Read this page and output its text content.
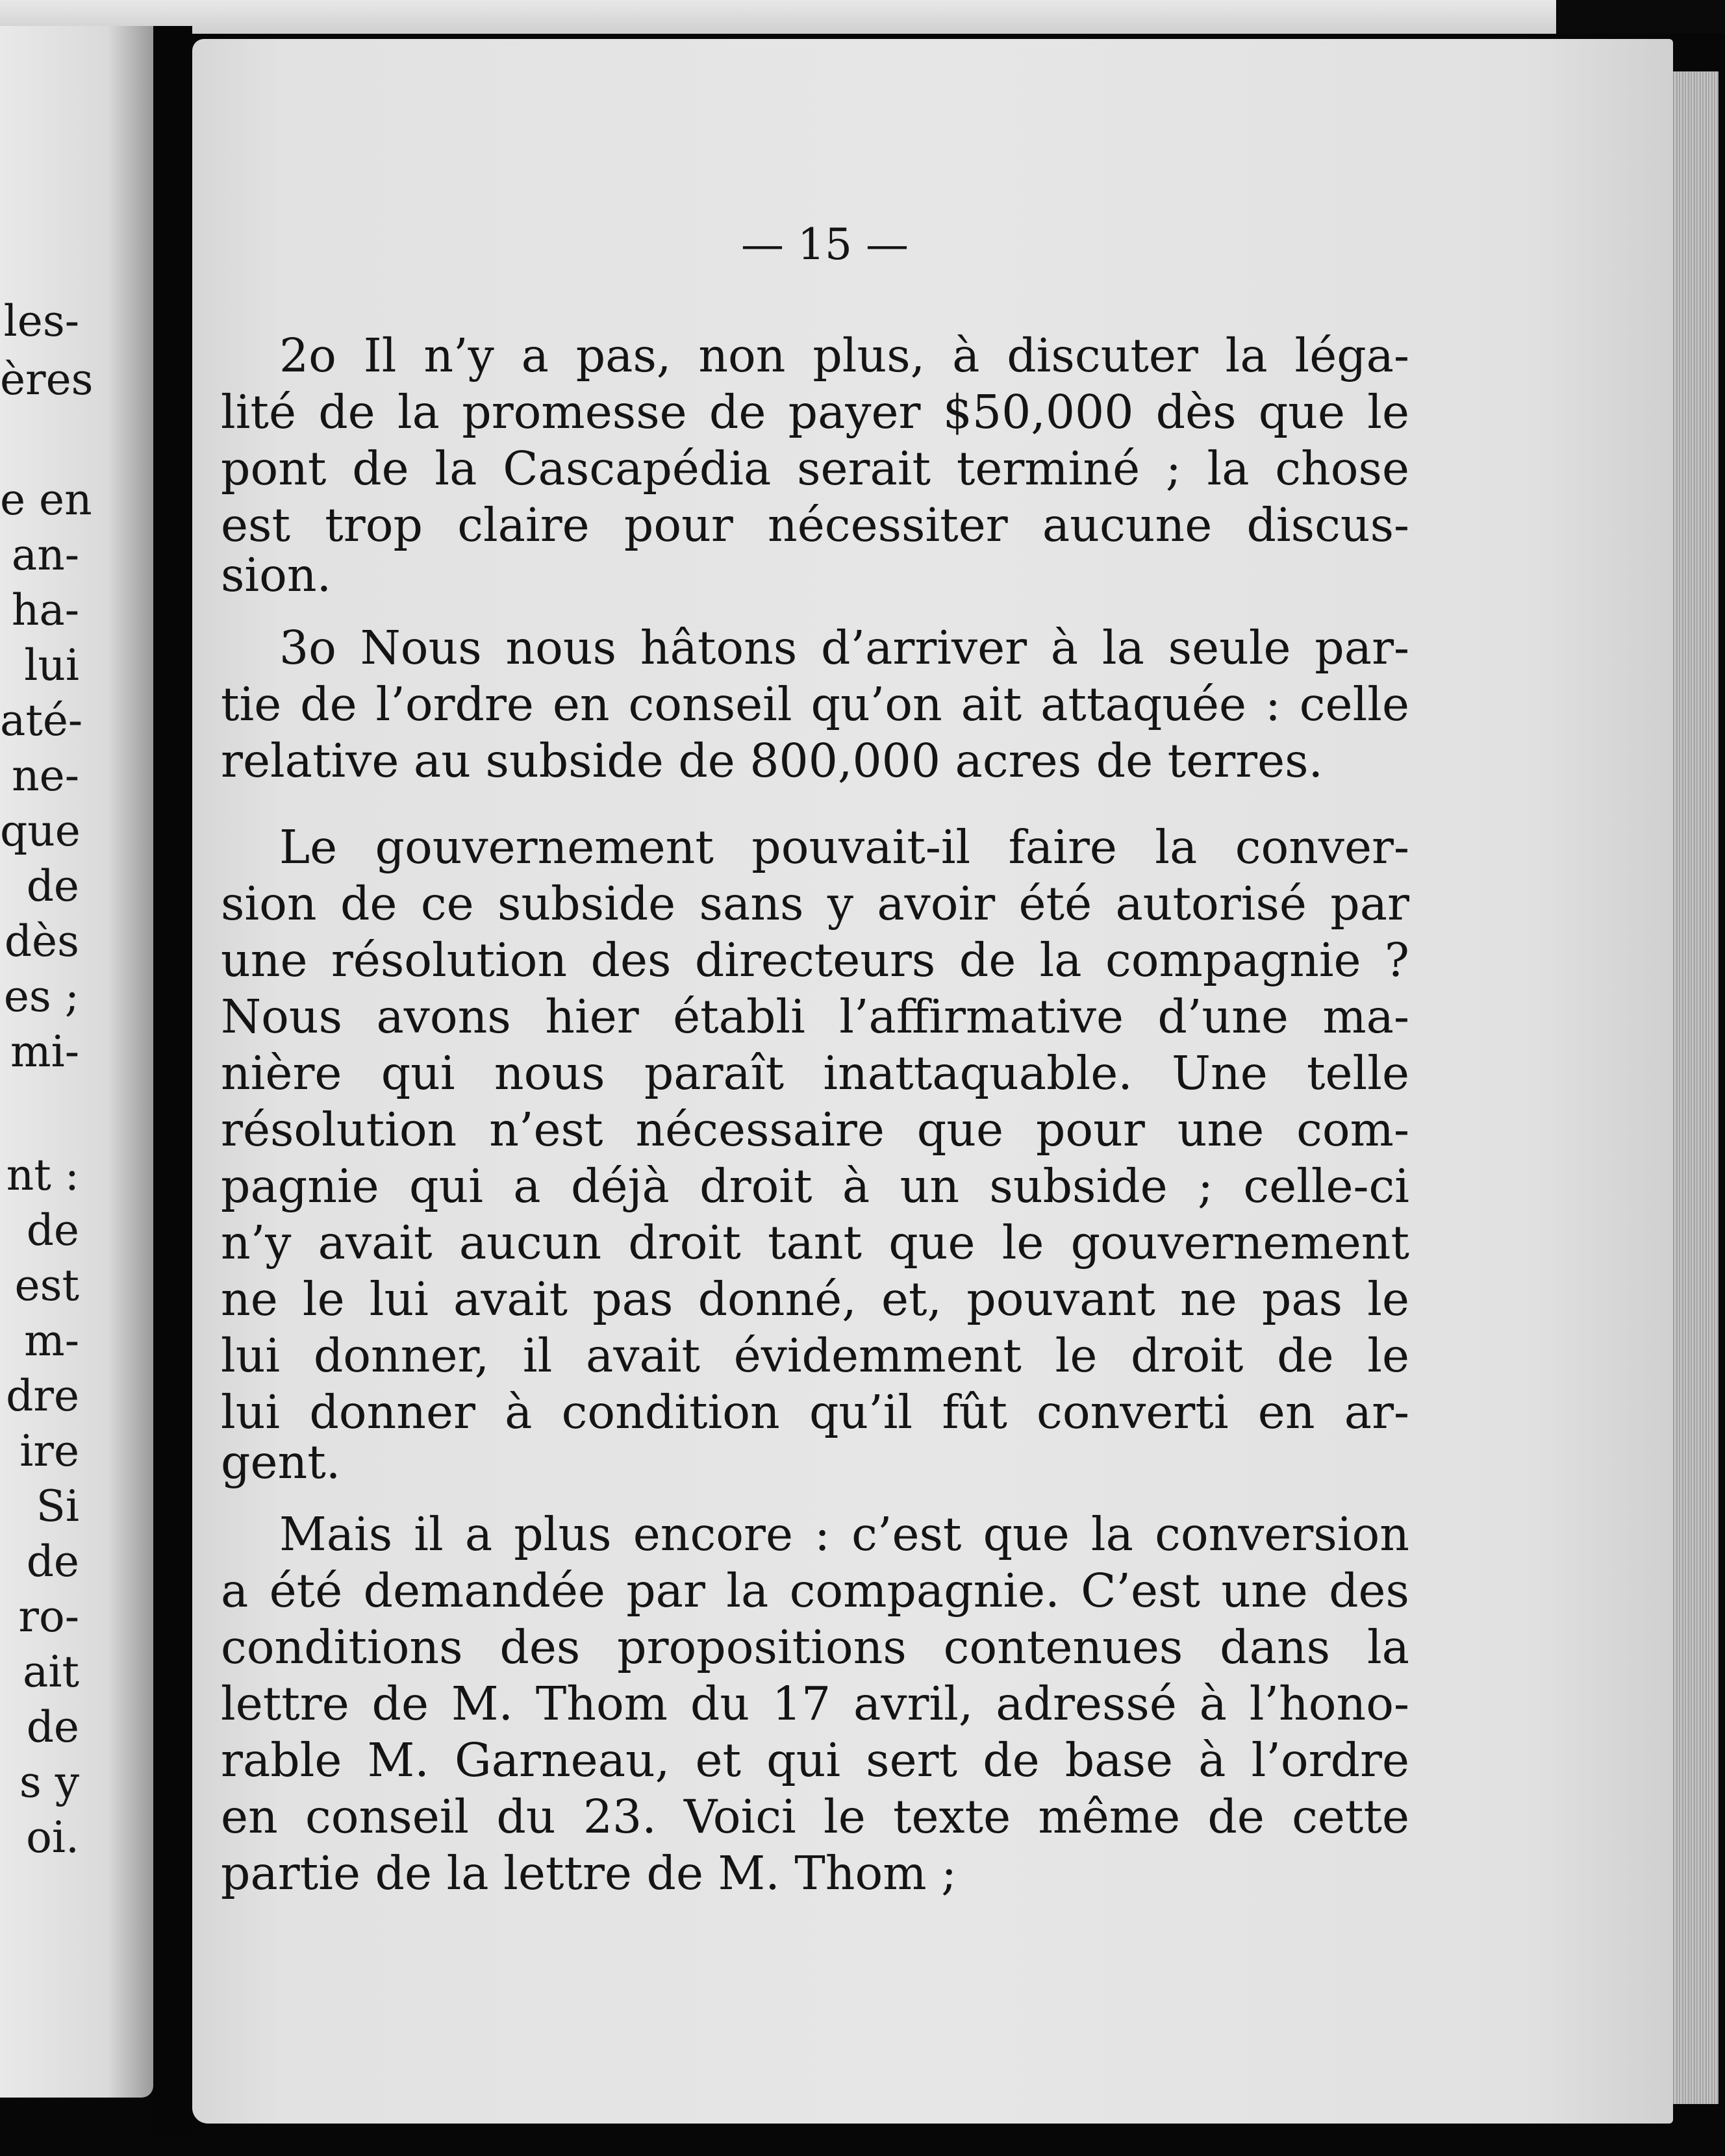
les-
ères
e en
an-
ha-
lui
até-
ne-
que
de
dès
es ;
mi-
nt :
de
est
m-
dre
ire
Si
de
ro-
ait
de
s y
oi.
— 15 —
2o Il n’y a pas, non plus, à discuter la léga-
lité de la promesse de payer $50,000 dès que le
pont de la Cascapédia serait terminé ; la chose
est trop claire pour nécessiter aucune discus-
sion.
3o Nous nous hâtons d’arriver à la seule par-
tie de l’ordre en conseil qu’on ait attaquée : celle
relative au subside de 800,000 acres de terres.
Le gouvernement pouvait-il faire la conver-
sion de ce subside sans y avoir été autorisé par
une résolution des directeurs de la compagnie ?
Nous avons hier établi l’affirmative d’une ma-
nière qui nous paraît inattaquable. Une telle
résolution n’est nécessaire que pour une com-
pagnie qui a déjà droit à un subside ; celle-ci
n’y avait aucun droit tant que le gouvernement
ne le lui avait pas donné, et, pouvant ne pas le
lui donner, il avait évidemment le droit de le
lui donner à condition qu’il fût converti en ar-
gent.
Mais il a plus encore : c’est que la conversion
a été demandée par la compagnie. C’est une des
conditions des propositions contenues dans la
lettre de M. Thom du 17 avril, adressé à l’hono-
rable M. Garneau, et qui sert de base à l’ordre
en conseil du 23. Voici le texte même de cette
partie de la lettre de M. Thom ;
